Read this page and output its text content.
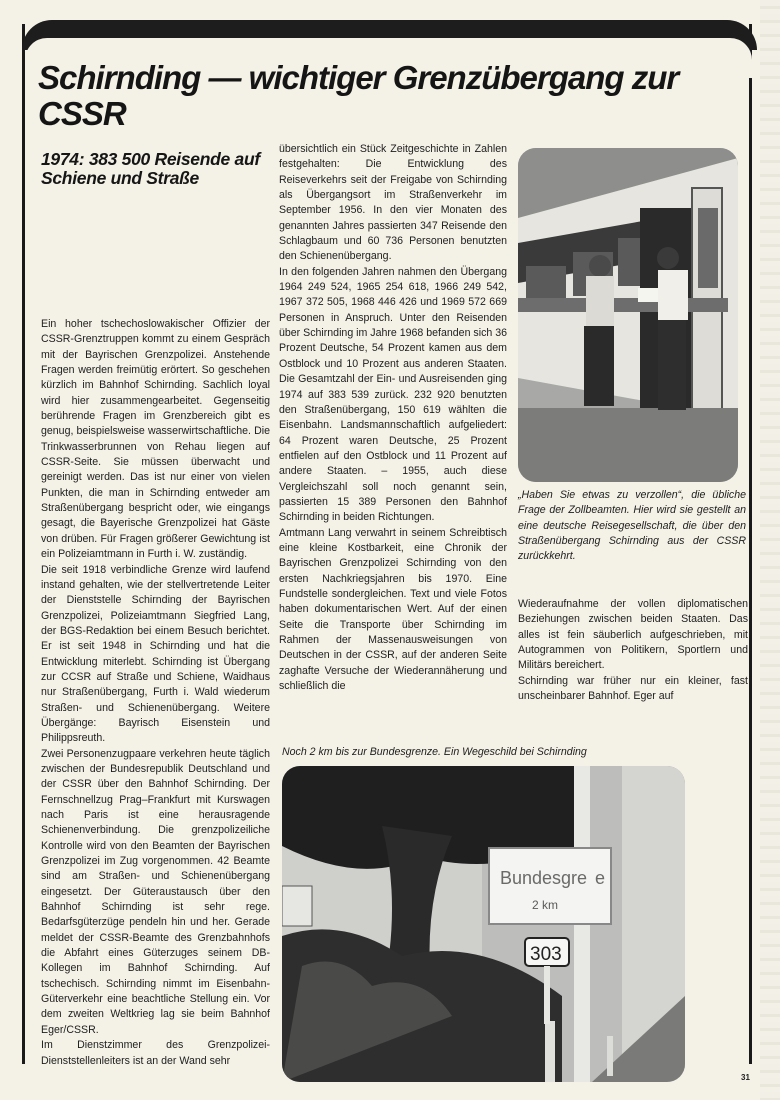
Schirnding — wichtiger Grenzübergang zur CSSR
1974: 383 500 Reisende auf Schiene und Straße

Ein hoher tschechoslowakischer Offizier der CSSR-Grenztruppen kommt zu einem Gespräch mit der Bayrischen Grenzpolizei. Anstehende Fragen werden freimütig erörtert. So geschehen kürzlich im Bahnhof Schirnding. Sachlich loyal wird hier zusammengearbeitet. Gegenseitig berührende Fragen im Grenzbereich gibt es genug, beispielsweise wasserwirtschaftliche. Die Trinkwasserbrunnen von Rehau liegen auf CSSR-Seite. Sie müssen überwacht und gereinigt werden. Das ist nur einer von vielen Punkten, die man in Schirnding entweder am Straßenübergang bespricht oder, wie eingangs gesagt, die Bayerische Grenzpolizei hat Gäste von drüben. Für Fragen größerer Gewichtung ist ein Polizeiamtmann in Furth i. W. zuständig.

Die seit 1918 verbindliche Grenze wird laufend instand gehalten, wie der stellvertretende Leiter der Dienststelle Schirnding der Bayrischen Grenzpolizei, Polizeiamtmann Siegfried Lang, der BGS-Redaktion bei einem Besuch berichtet. Er ist seit 1948 in Schirnding und hat die Entwicklung miterlebt. Schirnding ist Übergang zur CCSR auf Straße und Schiene, Waidhaus nur Straßenübergang, Furth i. Wald wiederum Straßen- und Schienenübergang. Weitere Übergänge: Bayrisch Eisenstein und Philippsreuth.

Zwei Personenzugpaare verkehren heute täglich zwischen der Bundesrepublik Deutschland und der CSSR über den Bahnhof Schirnding. Der Fernschnellzug Prag–Frankfurt mit Kurswagen nach Paris ist eine herausragende Schienenverbindung. Die grenzpolizeiliche Kontrolle wird von den Beamten der Bayrischen Grenzpolizei im Zug vorgenommen. 42 Beamte sind am Straßen- und Schienenübergang eingesetzt. Der Güteraustausch über den Bahnhof Schirnding ist sehr rege. Bedarfsgüterzüge pendeln hin und her. Gerade meldet der CSSR-Beamte des Grenzbahnhofs die Abfahrt eines Güterzuges seinem DB-Kollegen im Bahnhof Schirnding. Auf tschechisch. Schirnding nimmt im Eisenbahn-Güterverkehr eine beachtliche Stellung ein. Vor dem zweiten Weltkrieg lag sie beim Bahnhof Eger/CSSR.

Im Dienstzimmer des Grenzpolizei-Dienststellenleiters ist an der Wand sehr

übersichtlich ein Stück Zeitgeschichte in Zahlen festgehalten: Die Entwicklung des Reiseverkehrs seit der Freigabe von Schirnding als Übergangsort im Straßenverkehr im September 1956. In den vier Monaten des genannten Jahres passierten 347 Reisende den Schlagbaum und 60 736 Personen benutzten den Schienenübergang.

In den folgenden Jahren nahmen den Übergang 1964 249 524, 1965 254 618, 1966 249 542, 1967 372 505, 1968 446 426 und 1969 572 669 Personen in Anspruch. Unter den Reisenden über Schirnding im Jahre 1968 befanden sich 36 Prozent Deutsche, 54 Prozent kamen aus dem Ostblock und 10 Prozent aus anderen Staaten. Die Gesamtzahl der Ein- und Ausreisenden ging 1974 auf 383 539 zurück. 232 920 benutzten den Straßenübergang, 150 619 wählten die Eisenbahn. Landsmannschaftlich aufgeliedert: 64 Prozent waren Deutsche, 25 Prozent entfielen auf den Ostblock und 11 Prozent auf andere Staaten. – 1955, auch diese Vergleichszahl soll noch genannt sein, passierten 15 389 Personen den Bahnhof Schirnding in beiden Richtungen.

Amtmann Lang verwahrt in seinem Schreibtisch eine kleine Kostbarkeit, eine Chronik der Bayrischen Grenzpolizei Schirnding von den ersten Nachkriegsjahren bis 1970. Eine Fundstelle sondergleichen. Text und viele Fotos haben dokumentarischen Wert. Auf der einen Seite die Transporte über Schirnding im Rahmen der Massenausweisungen von Deutschen in der CSSR, auf der anderen Seite zaghafte Versuche der Wiederannäherung und schließlich die

„Haben Sie etwas zu verzollen“, die übliche Frage der Zollbeamten. Hier wird sie gestellt an eine deutsche Reisegesellschaft, die über den Straßenübergang Schirnding aus der CSSR zurückkehrt.

Wiederaufnahme der vollen diplomatischen Beziehungen zwischen beiden Staaten. Das alles ist fein säuberlich aufgeschrieben, mit Autogrammen von Politikern, Sportlern und Militärs bereichert.

Schirnding war früher nur ein kleiner, fast unscheinbarer Bahnhof. Eger auf

Noch 2 km bis zur Bundesgrenze. Ein Wegeschild bei Schirnding
Bundesgre e
2 km
303
31
